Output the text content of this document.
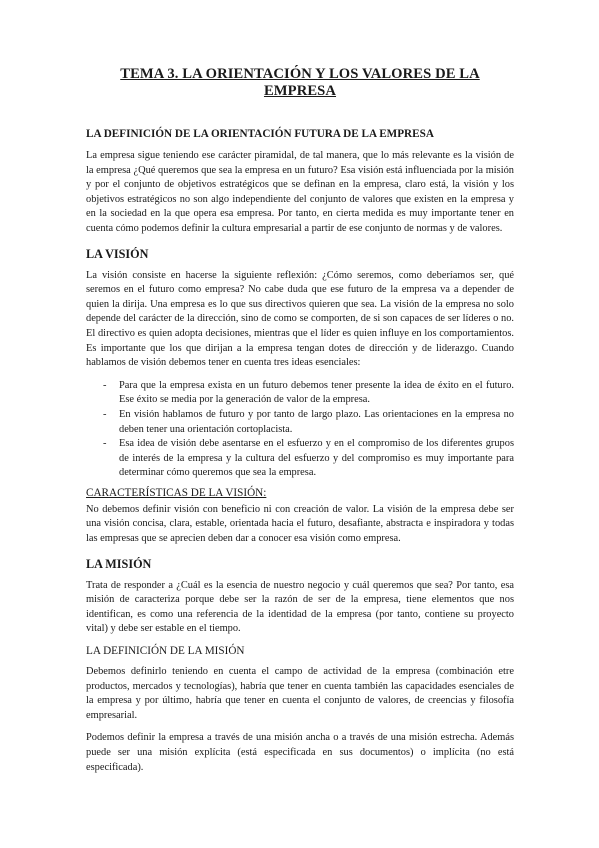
TEMA 3. LA ORIENTACIÓN Y LOS VALORES DE LA EMPRESA
LA DEFINICIÓN DE LA ORIENTACIÓN FUTURA DE LA EMPRESA

La empresa sigue teniendo ese carácter piramidal, de tal manera, que lo más relevante es la visión de la empresa ¿Qué queremos que sea la empresa en un futuro? Esa visión está influenciada por la misión y por el conjunto de objetivos estratégicos que se definan en la empresa, claro está, la visión y los objetivos estratégicos no son algo independiente del conjunto de valores que existen en la empresa y en la sociedad en la que opera esa empresa. Por tanto, en cierta medida es muy importante tener en cuenta cómo podemos definir la cultura empresarial a partir de ese conjunto de normas y de valores.

LA VISIÓN

La visión consiste en hacerse la siguiente reflexión: ¿Cómo seremos, como deberíamos ser, qué seremos en el futuro como empresa? No cabe duda que ese futuro de la empresa va a depender de quien la dirija. Una empresa es lo que sus directivos quieren que sea. La visión de la empresa no solo depende del carácter de la dirección, sino de como se comporten, de si son capaces de ser líderes o no. El directivo es quien adopta decisiones, mientras que el líder es quien influye en los comportamientos. Es importante que los que dirijan a la empresa tengan dotes de dirección y de liderazgo. Cuando hablamos de visión debemos tener en cuenta tres ideas esenciales:

- Para que la empresa exista en un futuro debemos tener presente la idea de éxito en el futuro. Ese éxito se media por la generación de valor de la empresa.
- En visión hablamos de futuro y por tanto de largo plazo. Las orientaciones en la empresa no deben tener una orientación cortoplacista.
- Esa idea de visión debe asentarse en el esfuerzo y en el compromiso de los diferentes grupos de interés de la empresa y la cultura del esfuerzo y del compromiso es muy importante para determinar cómo queremos que sea la empresa.
CARACTERÍSTICAS DE LA VISIÓN:

No debemos definir visión con beneficio ni con creación de valor. La visión de la empresa debe ser una visión concisa, clara, estable, orientada hacia el futuro, desafiante, abstracta e inspiradora y todas las empresas que se aprecien deben dar a conocer esa visión como empresa.

LA MISIÓN

Trata de responder a ¿Cuál es la esencia de nuestro negocio y cuál queremos que sea? Por tanto, esa misión de caracteriza porque debe ser la razón de ser de la empresa, tiene elementos que nos identifican, es como una referencia de la identidad de la empresa (por tanto, contiene su proyecto vital) y debe ser estable en el tiempo.

LA DEFINICIÓN DE LA MISIÓN

Debemos definirlo teniendo en cuenta el campo de actividad de la empresa (combinación etre productos, mercados y tecnologías), habría que tener en cuenta también las capacidades esenciales de la empresa y por último, habría que tener en cuenta el conjunto de valores, de creencias y filosofía empresarial.

Podemos definir la empresa a través de una misión ancha o a través de una misión estrecha. Además puede ser una misión explícita (está especificada en sus documentos) o implícita (no está especificada).
